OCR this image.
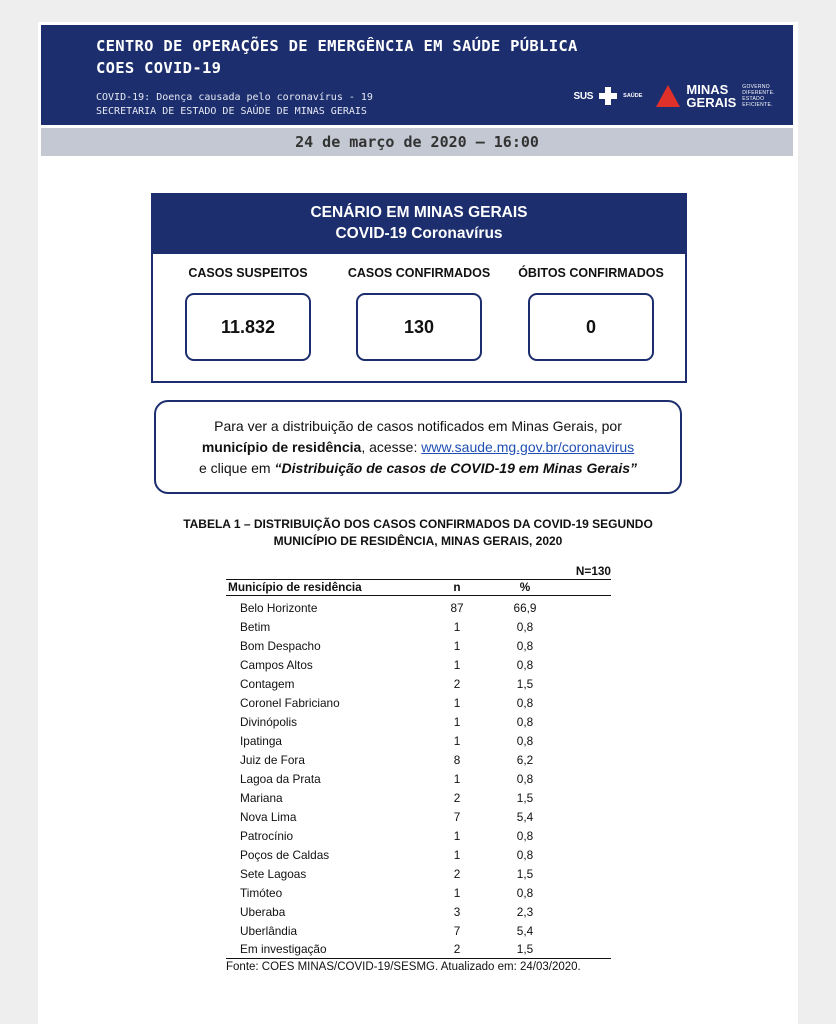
CENTRO DE OPERAÇÕES DE EMERGÊNCIA EM SAÚDE PÚBLICA
COES COVID-19
COVID-19: Doença causada pelo coronavírus - 19
SECRETARIA DE ESTADO DE SAÚDE DE MINAS GERAIS
SUS	SAÚDE	MINAS
GERAIS
GOVERNO
DIFERENTE.
ESTADO
EFICIENTE.
24 de março de 2020 – 16:00
CENÁRIO EM MINAS GERAIS
COVID-19 Coronavírus
CASOS SUSPEITOS
11.832
CASOS CONFIRMADOS
130
ÓBITOS CONFIRMADOS
0
Para ver a distribuição de casos notificados em Minas Gerais, por
município de residência, acesse: www.saude.mg.gov.br/coronavirus
e clique em “Distribuição de casos de COVID-19 em Minas Gerais”
TABELA 1 – DISTRIBUIÇÃO DOS CASOS CONFIRMADOS DA COVID-19 SEGUNDO
MUNICÍPIO DE RESIDÊNCIA, MINAS GERAIS, 2020
N=130
Município de residência	n	%
Belo Horizonte	87	66,9
Betim	1	0,8
Bom Despacho	1	0,8
Campos Altos	1	0,8
Contagem	2	1,5
Coronel Fabriciano	1	0,8
Divinópolis	1	0,8
Ipatinga	1	0,8
Juiz de Fora	8	6,2
Lagoa da Prata	1	0,8
Mariana	2	1,5
Nova Lima	7	5,4
Patrocínio	1	0,8
Poços de Caldas	1	0,8
Sete Lagoas	2	1,5
Timóteo	1	0,8
Uberaba	3	2,3
Uberlândia	7	5,4
Em investigação	2	1,5
Fonte: COES MINAS/COVID-19/SESMG. Atualizado em: 24/03/2020.
